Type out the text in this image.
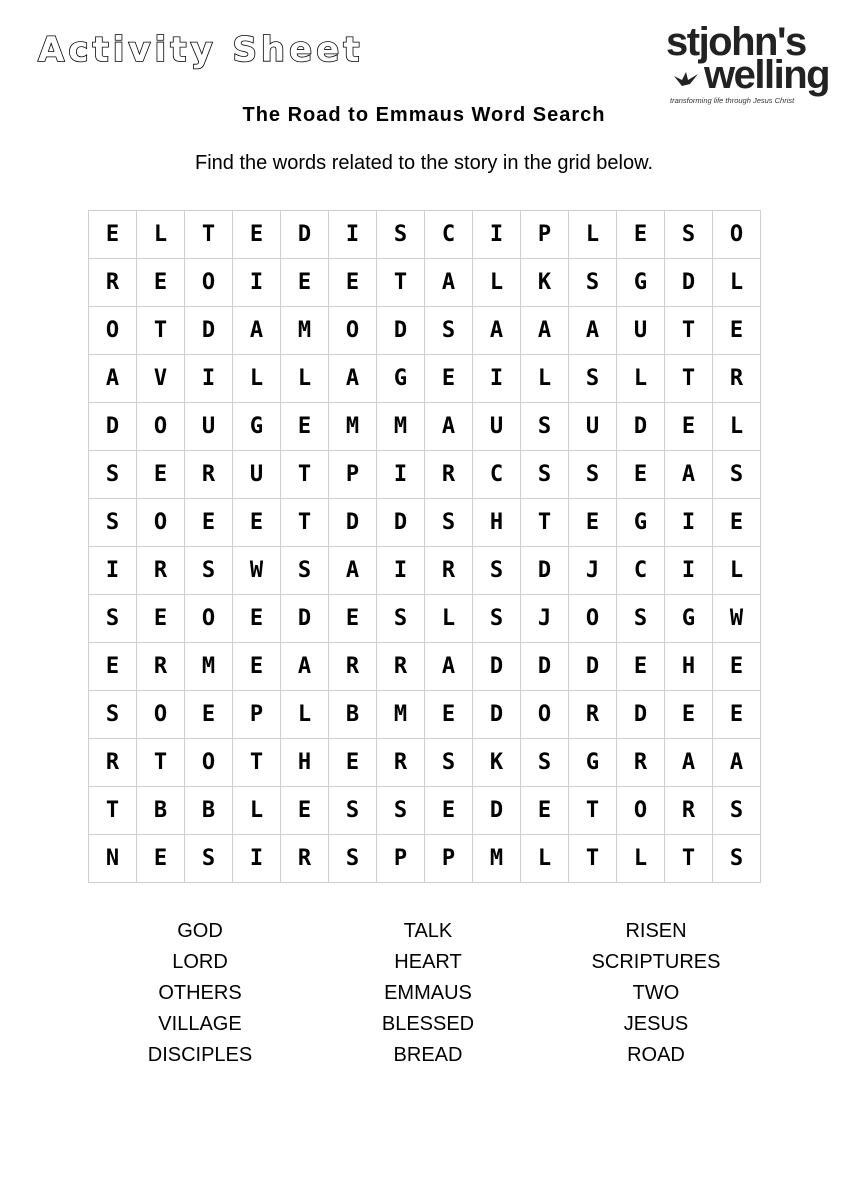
Activity Sheet	stjohn's
welling
transforming life through Jesus Christ
The Road to Emmaus Word Search
Find the words related to the story in the grid below.
E	L	T	E	D	I	S	C	I	P	L	E	S	O
R	E	O	I	E	E	T	A	L	K	S	G	D	L
O	T	D	A	M	O	D	S	A	A	A	U	T	E
A	V	I	L	L	A	G	E	I	L	S	L	T	R
D	O	U	G	E	M	M	A	U	S	U	D	E	L
S	E	R	U	T	P	I	R	C	S	S	E	A	S
S	O	E	E	T	D	D	S	H	T	E	G	I	E
I	R	S	W	S	A	I	R	S	D	J	C	I	L
S	E	O	E	D	E	S	L	S	J	O	S	G	W
E	R	M	E	A	R	R	A	D	D	D	E	H	E
S	O	E	P	L	B	M	E	D	O	R	D	E	E
R	T	O	T	H	E	R	S	K	S	G	R	A	A
T	B	B	L	E	S	S	E	D	E	T	O	R	S
N	E	S	I	R	S	P	P	M	L	T	L	T	S
GOD
LORD
OTHERS
VILLAGE
DISCIPLES
TALK
HEART
EMMAUS
BLESSED
BREAD
RISEN
SCRIPTURES
TWO
JESUS
ROAD
